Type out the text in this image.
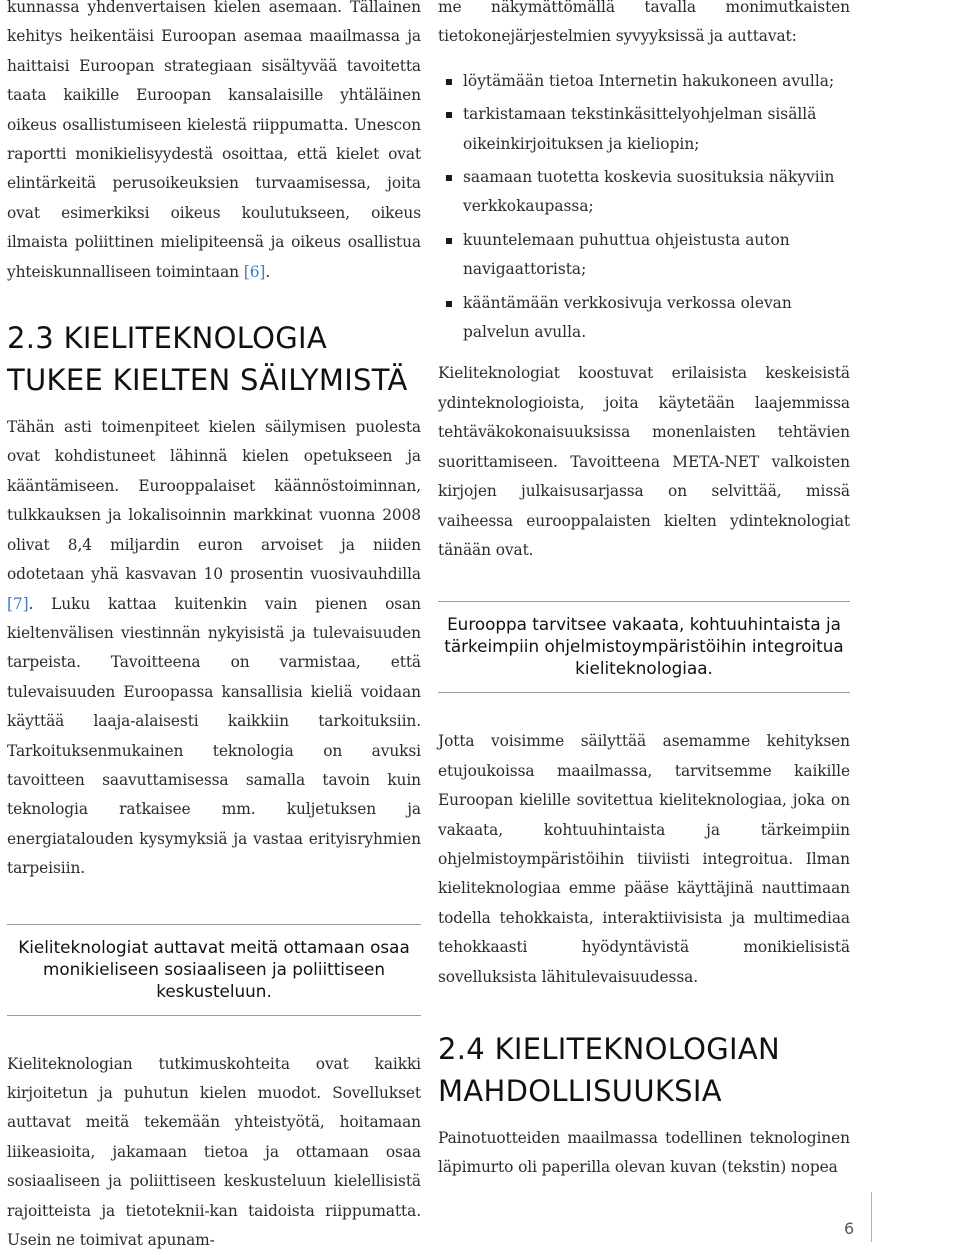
kunnassa yhdenvertaisen kielen asemaan. Tällainen kehitys heikentäisi Euroopan asemaa maailmassa ja haittaisi Euroopan strategiaan sisältyvää tavoitetta taata kaikille Euroopan kansalaisille yhtäläinen oikeus osallistumiseen kielestä riippumatta. Unescon raportti monikielisyydestä osoittaa, että kielet ovat elintärkeitä perusoikeuksien turvaamisessa, joita ovat esimerkiksi oikeus koulutukseen, oikeus ilmaista poliittinen mielipiteensä ja oikeus osallistua yhteiskunnalliseen toimintaan [6].

2.3 KIELITEKNOLOGIA TUKEE KIELTEN SÄILYMISTÄ

Tähän asti toimenpiteet kielen säilymisen puolesta ovat kohdistuneet lähinnä kielen opetukseen ja kääntämiseen. Eurooppalaiset käännöstoiminnan, tulkkauksen ja lokalisoinnin markkinat vuonna 2008 olivat 8,4 miljardin euron arvoiset ja niiden odotetaan yhä kasvavan 10 prosentin vuosivauhdilla [7]. Luku kattaa kuitenkin vain pienen osan kieltenvälisen viestinnän nykyisistä ja tulevaisuuden tarpeista. Tavoitteena on varmistaa, että tulevaisuuden Euroopassa kansallisia kieliä voidaan käyttää laaja-alaisesti kaikkiin tarkoituksiin. Tarkoituksenmukainen teknologia on avuksi tavoitteen saavuttamisessa samalla tavoin kuin teknologia ratkaisee mm. kuljetuksen ja energiatalouden kysymyksiä ja vastaa erityisryhmien tarpeisiin.

Kieliteknologiat auttavat meitä ottamaan osaa monikieliseen sosiaaliseen ja poliittiseen keskusteluun.

Kieliteknologian tutkimuskohteita ovat kaikki kirjoitetun ja puhutun kielen muodot. Sovellukset auttavat meitä tekemään yhteistyötä, hoitamaan liikeasioita, jakamaan tietoa ja ottamaan osaa sosiaaliseen ja poliittiseen keskusteluun kielellisistä rajoitteista ja tietoteknii-kan taidoista riippumatta. Usein ne toimivat apunam-

me näkymättömällä tavalla monimutkaisten tietokonejärjestelmien syvyyksissä ja auttavat:

löytämään tietoa Internetin hakukoneen avulla;
tarkistamaan tekstinkäsittelyohjelman sisällä oikeinkirjoituksen ja kieliopin;
saamaan tuotetta koskevia suosituksia näkyviin verkkokaupassa;
kuuntelemaan puhuttua ohjeistusta auton navigaattorista;
kääntämään verkkosivuja verkossa olevan palvelun avulla.

Kieliteknologiat koostuvat erilaisista keskeisistä ydinteknologioista, joita käytetään laajemmissa tehtäväkokonaisuuksissa monenlaisten tehtävien suorittamiseen. Tavoitteena META-NET valkoisten kirjojen julkaisusarjassa on selvittää, missä vaiheessa eurooppalaisten kielten ydinteknologiat tänään ovat.

Eurooppa tarvitsee vakaata, kohtuuhintaista ja tärkeimpiin ohjelmistoympäristöihin integroitua kieliteknologiaa.

Jotta voisimme säilyttää asemamme kehityksen etujoukoissa maailmassa, tarvitsemme kaikille Euroopan kielille sovitettua kieliteknologiaa, joka on vakaata, kohtuuhintaista ja tärkeimpiin ohjelmistoympäristöihin tiiviisti integroitua. Ilman kieliteknologiaa emme pääse käyttäjinä nauttimaan todella tehokkaista, interaktiivisista ja multimediaa tehokkaasti hyödyntävistä monikielisistä sovelluksista lähitulevaisuudessa.

2.4 KIELITEKNOLOGIAN MAHDOLLISUUKSIA

Painotuotteiden maailmassa todellinen teknologinen läpimurto oli paperilla olevan kuvan (tekstin) nopea

6
